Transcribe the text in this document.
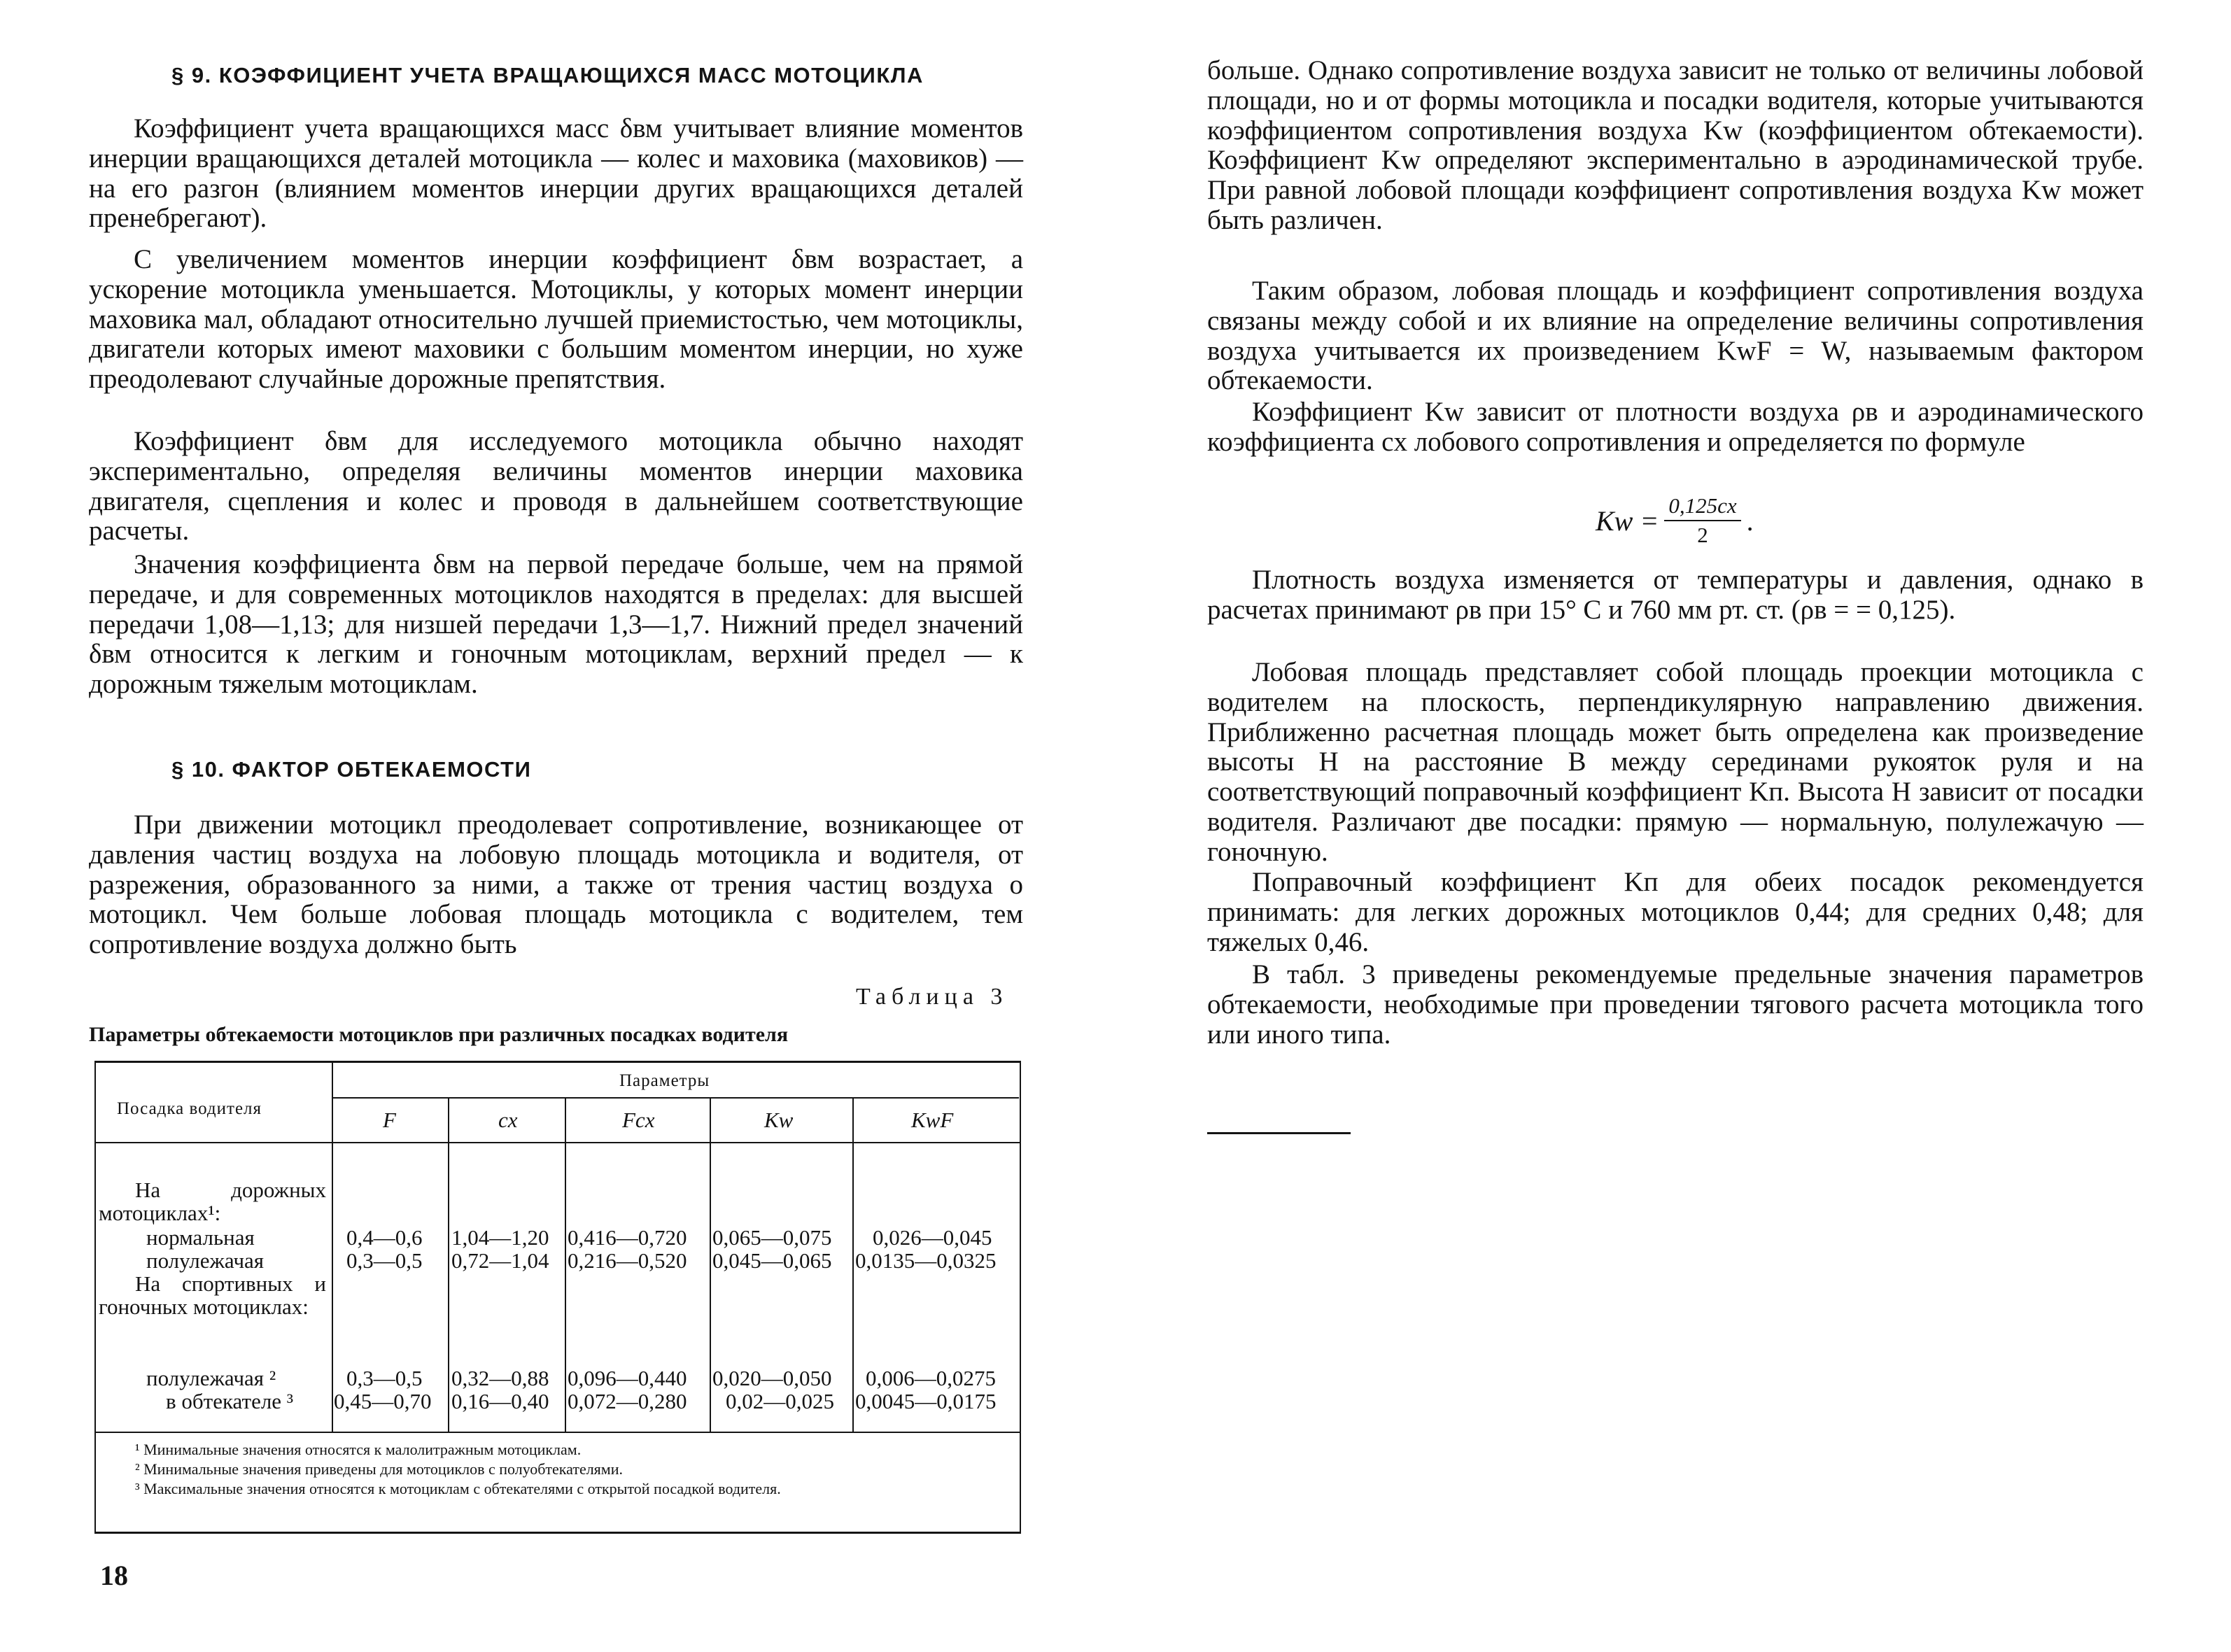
§ 9. КОЭФФИЦИЕНТ УЧЕТА ВРАЩАЮЩИХСЯ МАСС МОТОЦИКЛА

Коэффициент учета вращающихся масс δвм учитывает влияние моментов инерции вращающихся деталей мотоцикла — колес и маховика (маховиков) — на его разгон (влиянием моментов инерции других вращающихся деталей пренебрегают).

С увеличением моментов инерции коэффициент δвм возрастает, а ускорение мотоцикла уменьшается. Мотоциклы, у которых момент инерции маховика мал, обладают относительно лучшей приемистостью, чем мотоциклы, двигатели которых имеют маховики с большим моментом инерции, но хуже преодолевают случайные дорожные препятствия.

Коэффициент δвм для исследуемого мотоцикла обычно находят экспериментально, определяя величины моментов инерции маховика двигателя, сцепления и колес и проводя в дальнейшем соответствующие расчеты.

Значения коэффициента δвм на первой передаче больше, чем на прямой передаче, и для современных мотоциклов находятся в пределах: для высшей передачи 1,08—1,13; для низшей передачи 1,3—1,7. Нижний предел значений δвм относится к легким и гоночным мотоциклам, верхний предел — к дорожным тяжелым мотоциклам.

§ 10. ФАКТОР ОБТЕКАЕМОСТИ

При движении мотоцикл преодолевает сопротивление, возникающее от давления частиц воздуха на лобовую площадь мотоцикла и водителя, от разрежения, образованного за ними, а также от трения частиц воздуха о мотоцикл. Чем больше лобовая площадь мотоцикла с водителем, тем сопротивление воздуха должно быть

Таблица 3
Параметры обтекаемости мотоциклов при различных посадках водителя
Посадка водителя
Параметры
F	cx	Fcx	Kw	KwF
На дорожных мотоциклах¹:
На спортивных и гоночных мотоциклах:
нормальная	0,4—0,6 1,04—1,20 0,416—0,720 0,065—0,075 0,026—0,045
полулежачая	0,3—0,5 0,72—1,04 0,216—0,520 0,045—0,065 0,0135—0,0325
полулежачая ²	0,3—0,5 0,32—0,88 0,096—0,440 0,020—0,050 0,006—0,0275
в обтекателе ³ 0,45—0,70 0,16—0,40 0,072—0,280 0,02—0,025 0,0045—0,0175

¹ Минимальные значения относятся к малолитражным мотоциклам.

² Минимальные значения приведены для мотоциклов с полуобтекателями.

³ Максимальные значения относятся к мотоциклам с обтекателями с открытой посадкой водителя.

18

больше. Однако сопротивление воздуха зависит не только от величины лобовой площади, но и от формы мотоцикла и посадки водителя, которые учитываются коэффициентом сопротивления воздуха Kw (коэффициентом обтекаемости). Коэффициент Kw определяют экспериментально в аэродинамической трубе. При равной лобовой площади коэффициент сопротивления воздуха Kw может быть различен.

Таким образом, лобовая площадь и коэффициент сопротивления воздуха связаны между собой и их влияние на определение величины сопротивления воздуха учитывается их произведением KwF = W, называемым фактором обтекаемости.

Коэффициент Kw зависит от плотности воздуха ρв и аэродинамического коэффициента cx лобового сопротивления и определяется по формуле

$Kw = \frac{0,125cx}{2}$ .

Плотность воздуха изменяется от температуры и давления, однако в расчетах принимают ρв при 15° С и 760 мм рт. ст. (ρв = = 0,125).

Лобовая площадь представляет собой площадь проекции мотоцикла с водителем на плоскость, перпендикулярную направлению движения. Приближенно расчетная площадь может быть определена как произведение высоты H на расстояние B между серединами рукояток руля и на соответствующий поправочный коэффициент Kп. Высота H зависит от посадки водителя. Различают две посадки: прямую — нормальную, полулежачую — гоночную.

Поправочный коэффициент Kп для обеих посадок рекомендуется принимать: для легких дорожных мотоциклов 0,44; для средних 0,48; для тяжелых 0,46.

В табл. 3 приведены рекомендуемые предельные значения параметров обтекаемости, необходимые при проведении тягового расчета мотоцикла того или иного типа.
